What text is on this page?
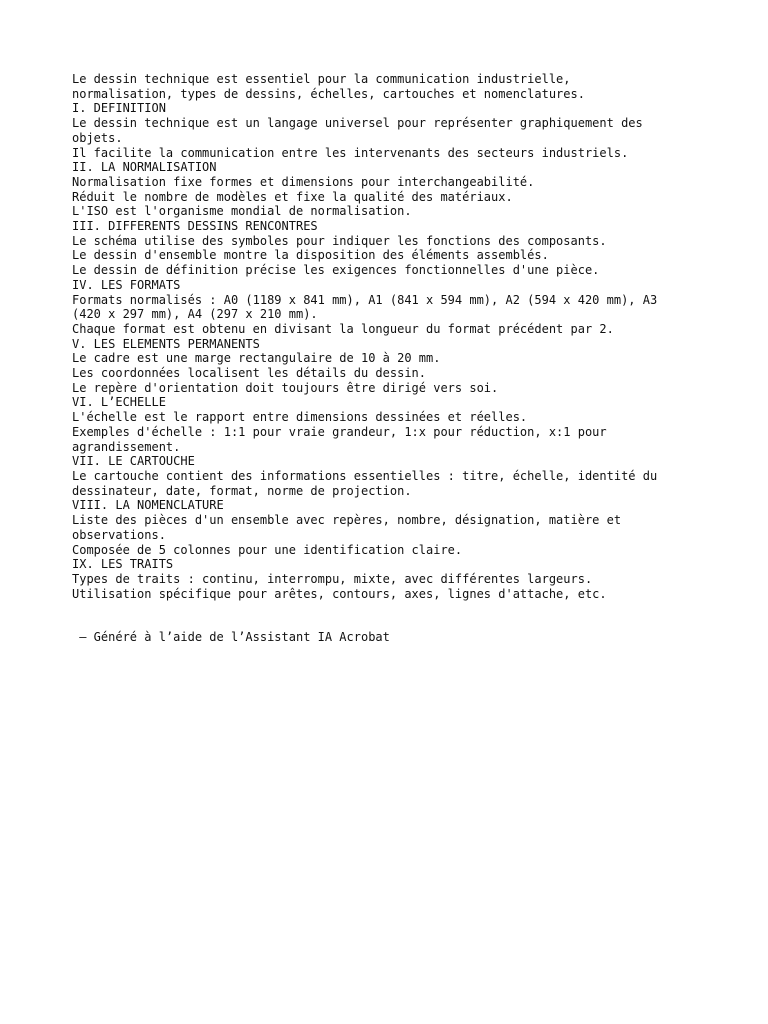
Le dessin technique est essentiel pour la communication industrielle,
normalisation, types de dessins, échelles, cartouches et nomenclatures.
I. DEFINITION
Le dessin technique est un langage universel pour représenter graphiquement des
objets.
Il facilite la communication entre les intervenants des secteurs industriels.
II. LA NORMALISATION
Normalisation fixe formes et dimensions pour interchangeabilité.
Réduit le nombre de modèles et fixe la qualité des matériaux.
L'ISO est l'organisme mondial de normalisation.
III. DIFFERENTS DESSINS RENCONTRES
Le schéma utilise des symboles pour indiquer les fonctions des composants.
Le dessin d'ensemble montre la disposition des éléments assemblés.
Le dessin de définition précise les exigences fonctionnelles d'une pièce.
IV. LES FORMATS
Formats normalisés : A0 (1189 x 841 mm), A1 (841 x 594 mm), A2 (594 x 420 mm), A3
(420 x 297 mm), A4 (297 x 210 mm).
Chaque format est obtenu en divisant la longueur du format précédent par 2.
V. LES ELEMENTS PERMANENTS
Le cadre est une marge rectangulaire de 10 à 20 mm.
Les coordonnées localisent les détails du dessin.
Le repère d'orientation doit toujours être dirigé vers soi.
VI. L’ECHELLE
L'échelle est le rapport entre dimensions dessinées et réelles.
Exemples d'échelle : 1:1 pour vraie grandeur, 1:x pour réduction, x:1 pour
agrandissement.
VII. LE CARTOUCHE
Le cartouche contient des informations essentielles : titre, échelle, identité du
dessinateur, date, format, norme de projection.
VIII. LA NOMENCLATURE
Liste des pièces d'un ensemble avec repères, nombre, désignation, matière et
observations.
Composée de 5 colonnes pour une identification claire.
IX. LES TRAITS
Types de traits : continu, interrompu, mixte, avec différentes largeurs.
Utilisation spécifique pour arêtes, contours, axes, lignes d'attache, etc.
– Généré à l’aide de l’Assistant IA Acrobat
